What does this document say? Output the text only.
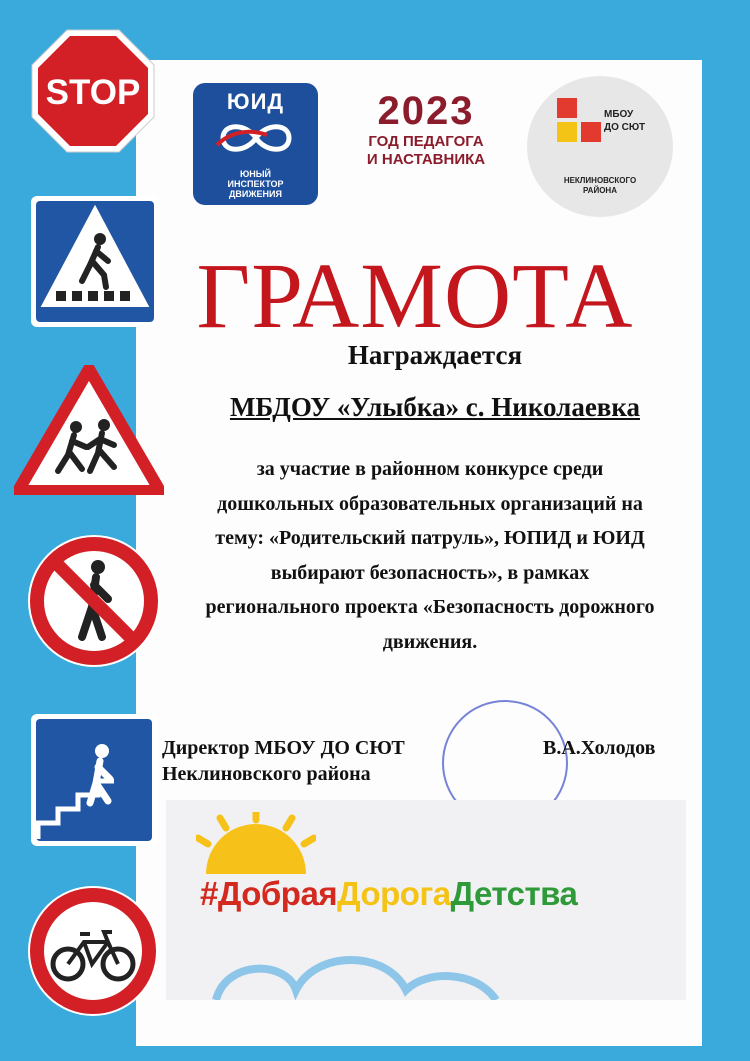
STOP	ЮИД
ЮНЫЙ
ИНСПЕКТОР
ДВИЖЕНИЯ
2023
ГОД ПЕДАГОГА
И НАСТАВНИКА
МБОУ
ДО СЮТ
НЕКЛИНОВСКОГО
РАЙОНА
ГРАМОТА
Награждается
МБДОУ «Улыбка» с. Николаевка
за участие в районном конкурсе среди
дошкольных образовательных организаций на
тему: «Родительский патруль», ЮПИД и ЮИД
выбирают безопасность», в рамках
регионального проекта «Безопасность дорожного
движения.
Директор МБОУ ДО СЮТ
Неклиновского района
В.А.Холодов
#ДобраяДорогаДетства
